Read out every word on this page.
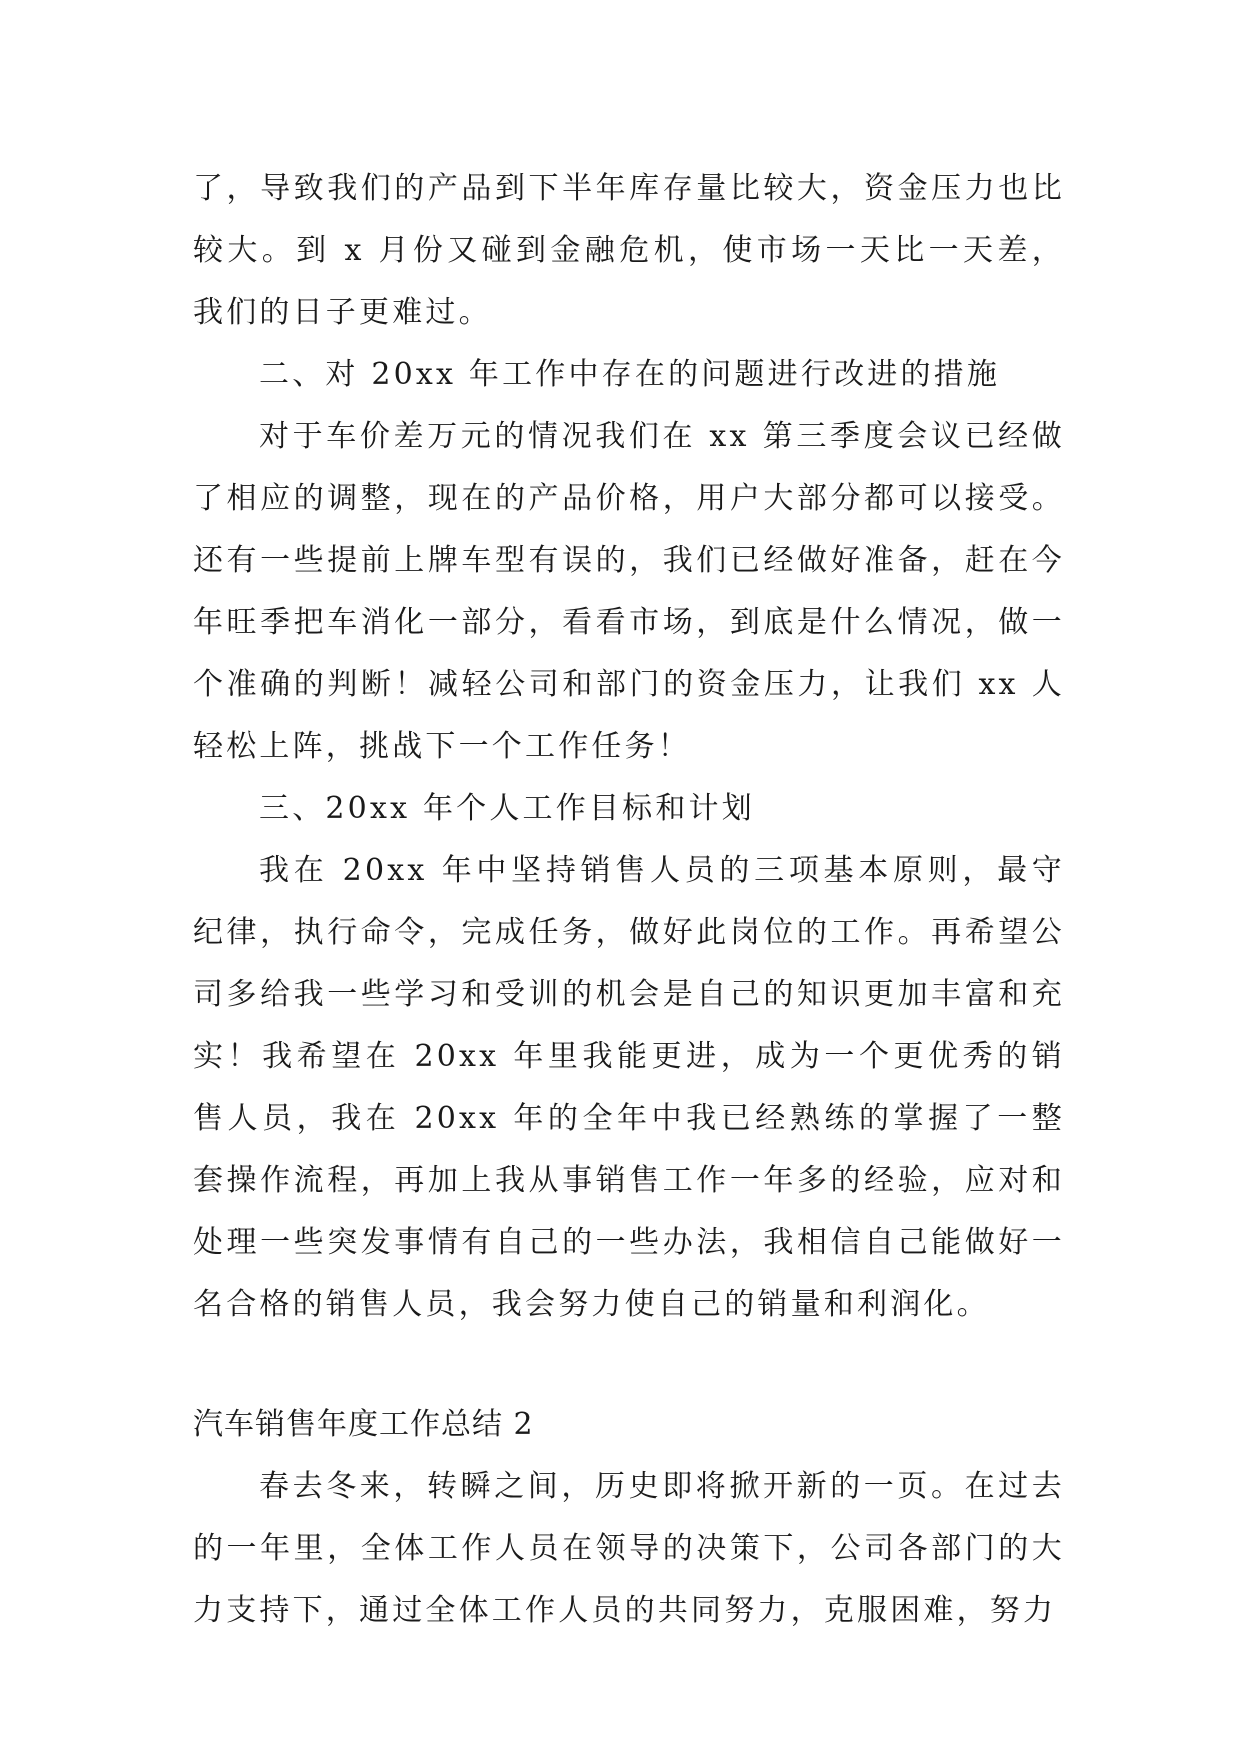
了，导致我们的产品到下半年库存量比较大，资金压力也比较大。到 x 月份又碰到金融危机，使市场一天比一天差，我们的日子更难过。

二、对 20xx 年工作中存在的问题进行改进的措施

对于车价差万元的情况我们在 xx 第三季度会议已经做了相应的调整，现在的产品价格，用户大部分都可以接受。还有一些提前上牌车型有误的，我们已经做好准备，赶在今年旺季把车消化一部分，看看市场，到底是什么情况，做一个准确的判断！减轻公司和部门的资金压力，让我们 xx 人轻松上阵，挑战下一个工作任务！

三、20xx 年个人工作目标和计划

我在 20xx 年中坚持销售人员的三项基本原则，最守纪律，执行命令，完成任务，做好此岗位的工作。再希望公司多给我一些学习和受训的机会是自己的知识更加丰富和充实！我希望在 20xx 年里我能更进，成为一个更优秀的销售人员，我在 20xx 年的全年中我已经熟练的掌握了一整套操作流程，再加上我从事销售工作一年多的经验，应对和处理一些突发事情有自己的一些办法，我相信自己能做好一名合格的销售人员，我会努力使自己的销量和利润化。

汽车销售年度工作总结 2

春去冬来，转瞬之间，历史即将掀开新的一页。在过去的一年里，全体工作人员在领导的决策下，公司各部门的大力支持下，通过全体工作人员的共同努力，克服困难，努力
